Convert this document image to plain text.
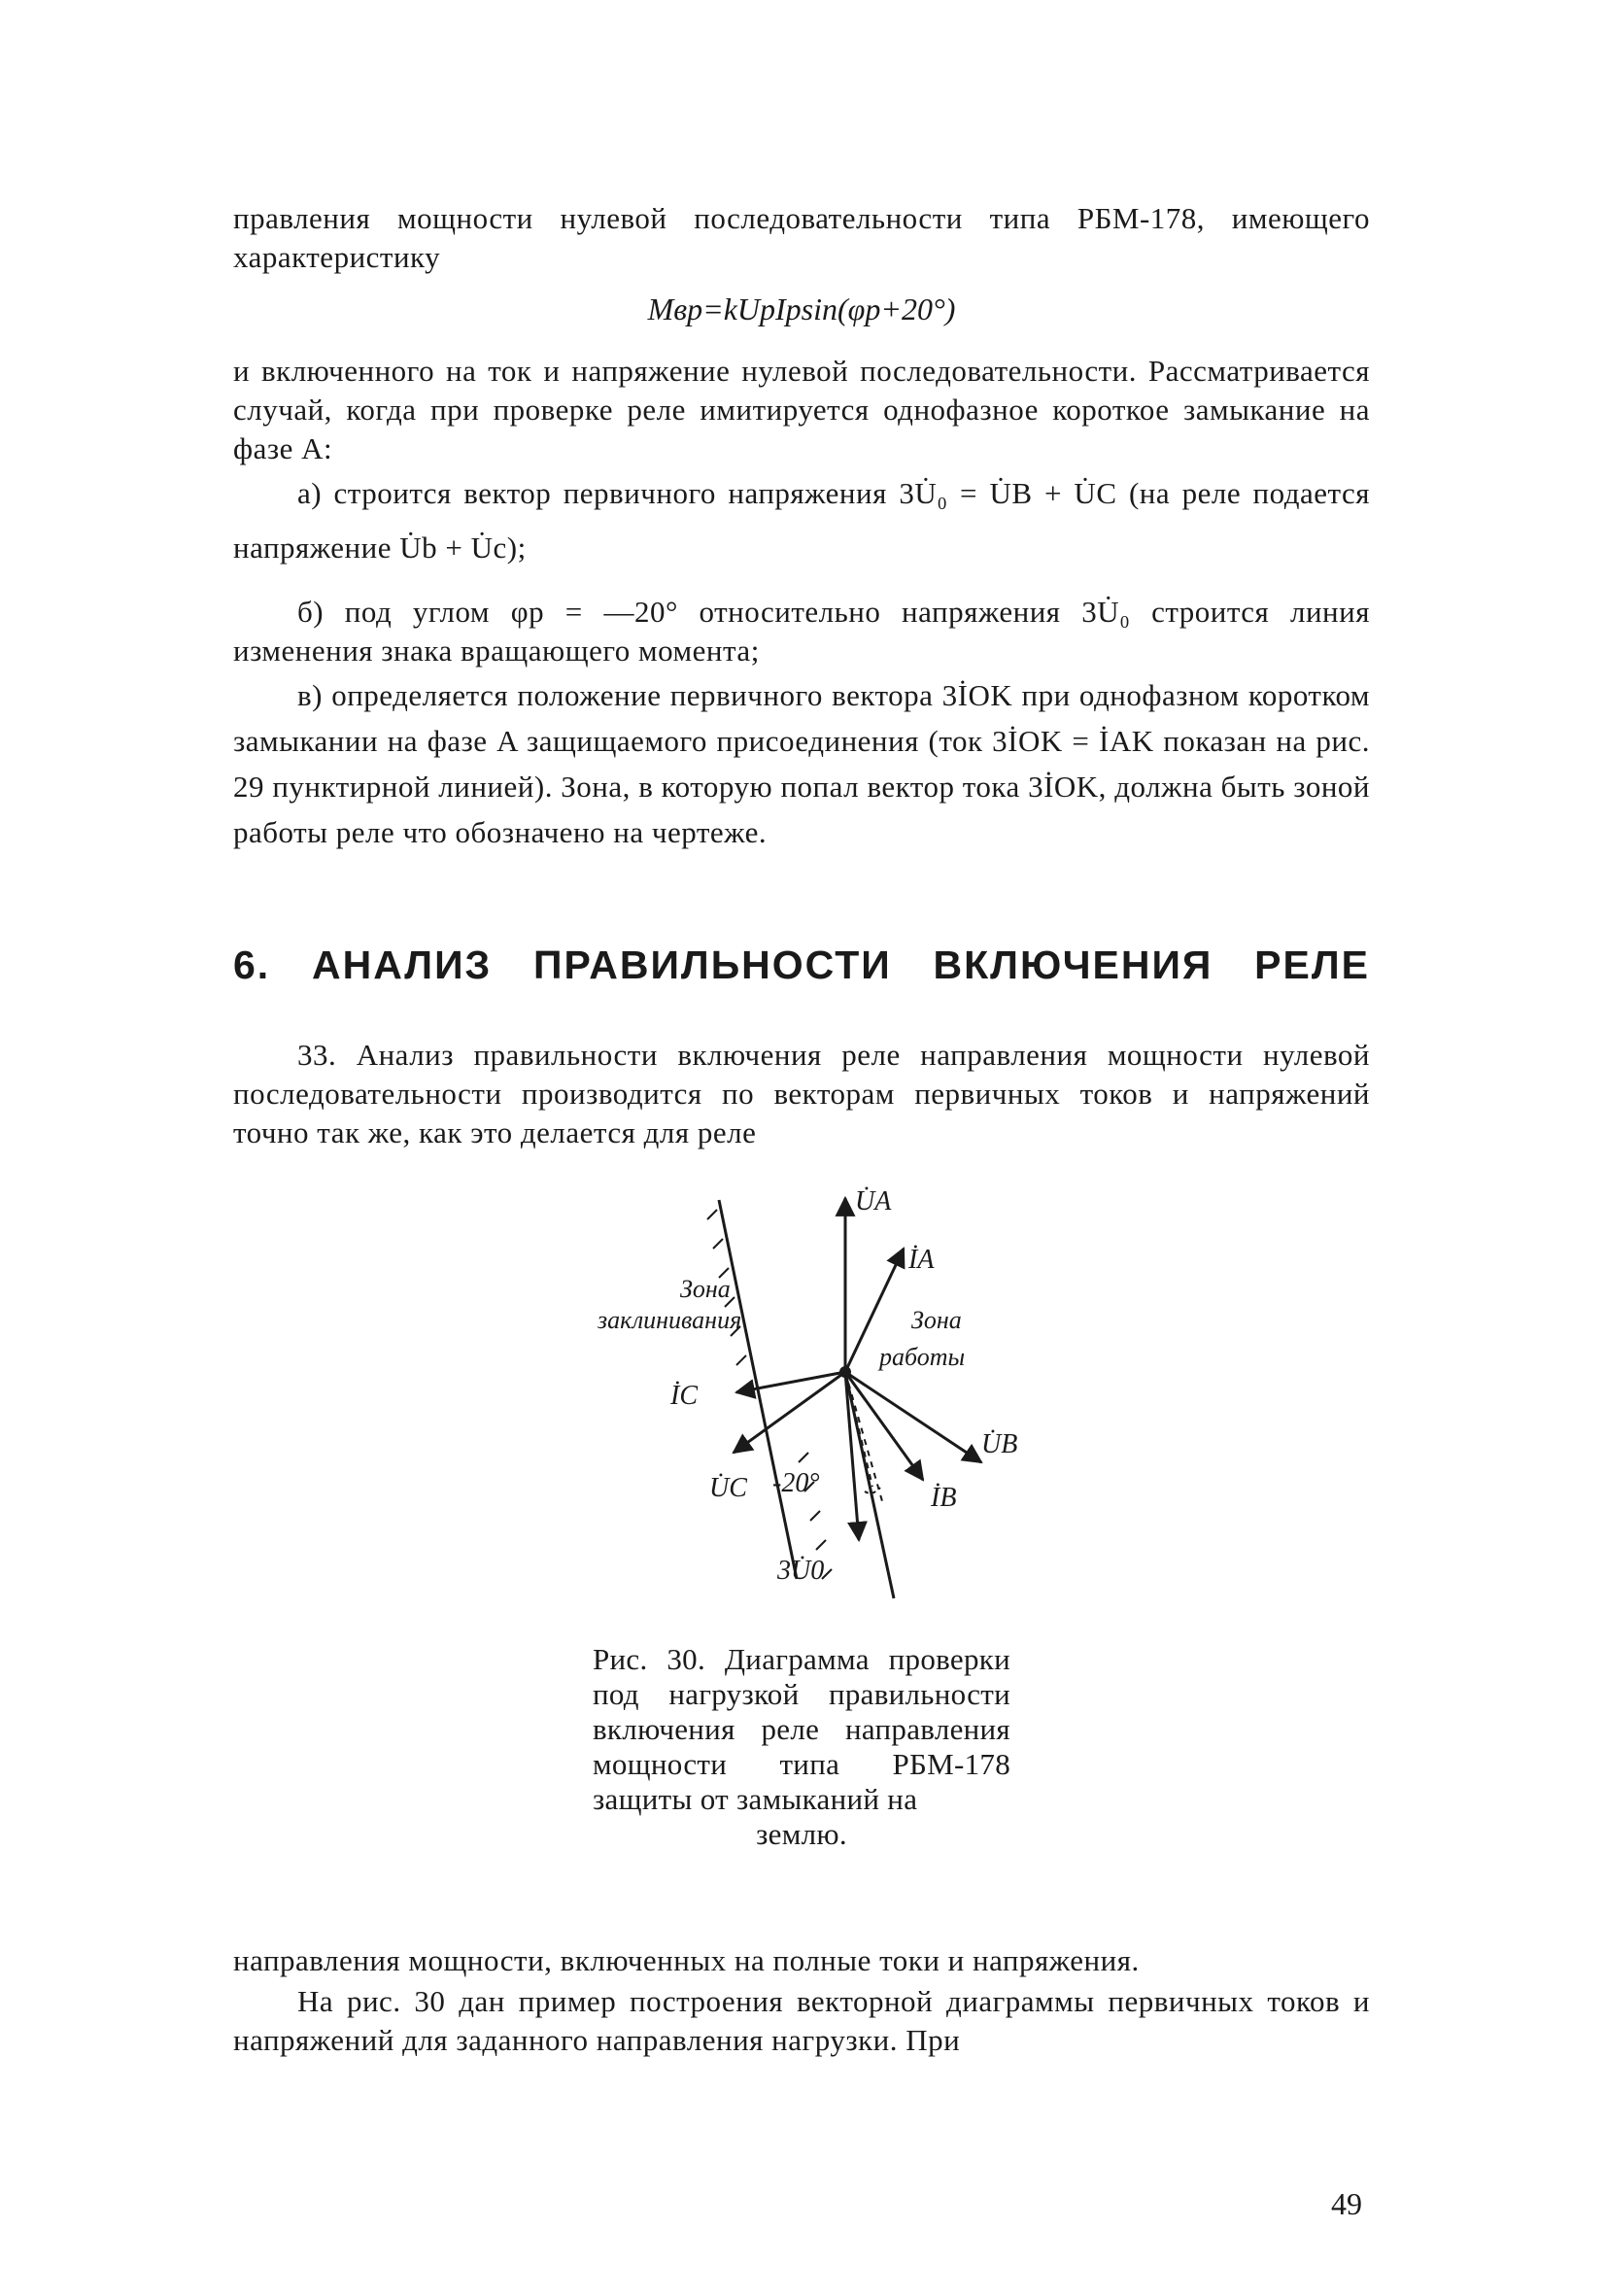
правления мощности нулевой последовательности типа РБМ-178, имеющего характеристику

Mвр=kUpIpsin(φp+20°)

и включенного на ток и напряжение нулевой последовательности. Рассматривается случай, когда при проверке реле имитируется однофазное короткое замыкание на фазе A:

а) строится вектор первичного напряжения 3U̇₀ = U̇B + U̇C (на реле подается напряжение U̇b + U̇c);

б) под углом φр = —20° относительно напряжения 3U̇₀ строится линия изменения знака вращающего момента;

в) определяется положение первичного вектора 3İOK при однофазном коротком замыкании на фазе A защищаемого присоединения (ток 3İOK = İAK показан на рис. 29 пунктирной линией). Зона, в которую попал вектор тока 3İOK, должна быть зоной работы реле что обозначено на чертеже.

6. АНАЛИЗ ПРАВИЛЬНОСТИ ВКЛЮЧЕНИЯ РЕЛЕ

33. Анализ правильности включения реле направления мощности нулевой последовательности производится по векторам первичных токов и напряжений точно так же, как это делается для реле

U̇A
İA
U̇B
İB
İC
U̇C -20°
3U̇0
Зона
заклинивания	Зона
работы
Рис. 30. Диаграмма проверки под нагрузкой правильности включения реле направления мощности типа РБМ-178 защиты от замыканий на
землю.

направления мощности, включенных на полные токи и напряжения.

На рис. 30 дан пример построения векторной диаграммы первичных токов и напряжений для заданного направления нагрузки. При

49
